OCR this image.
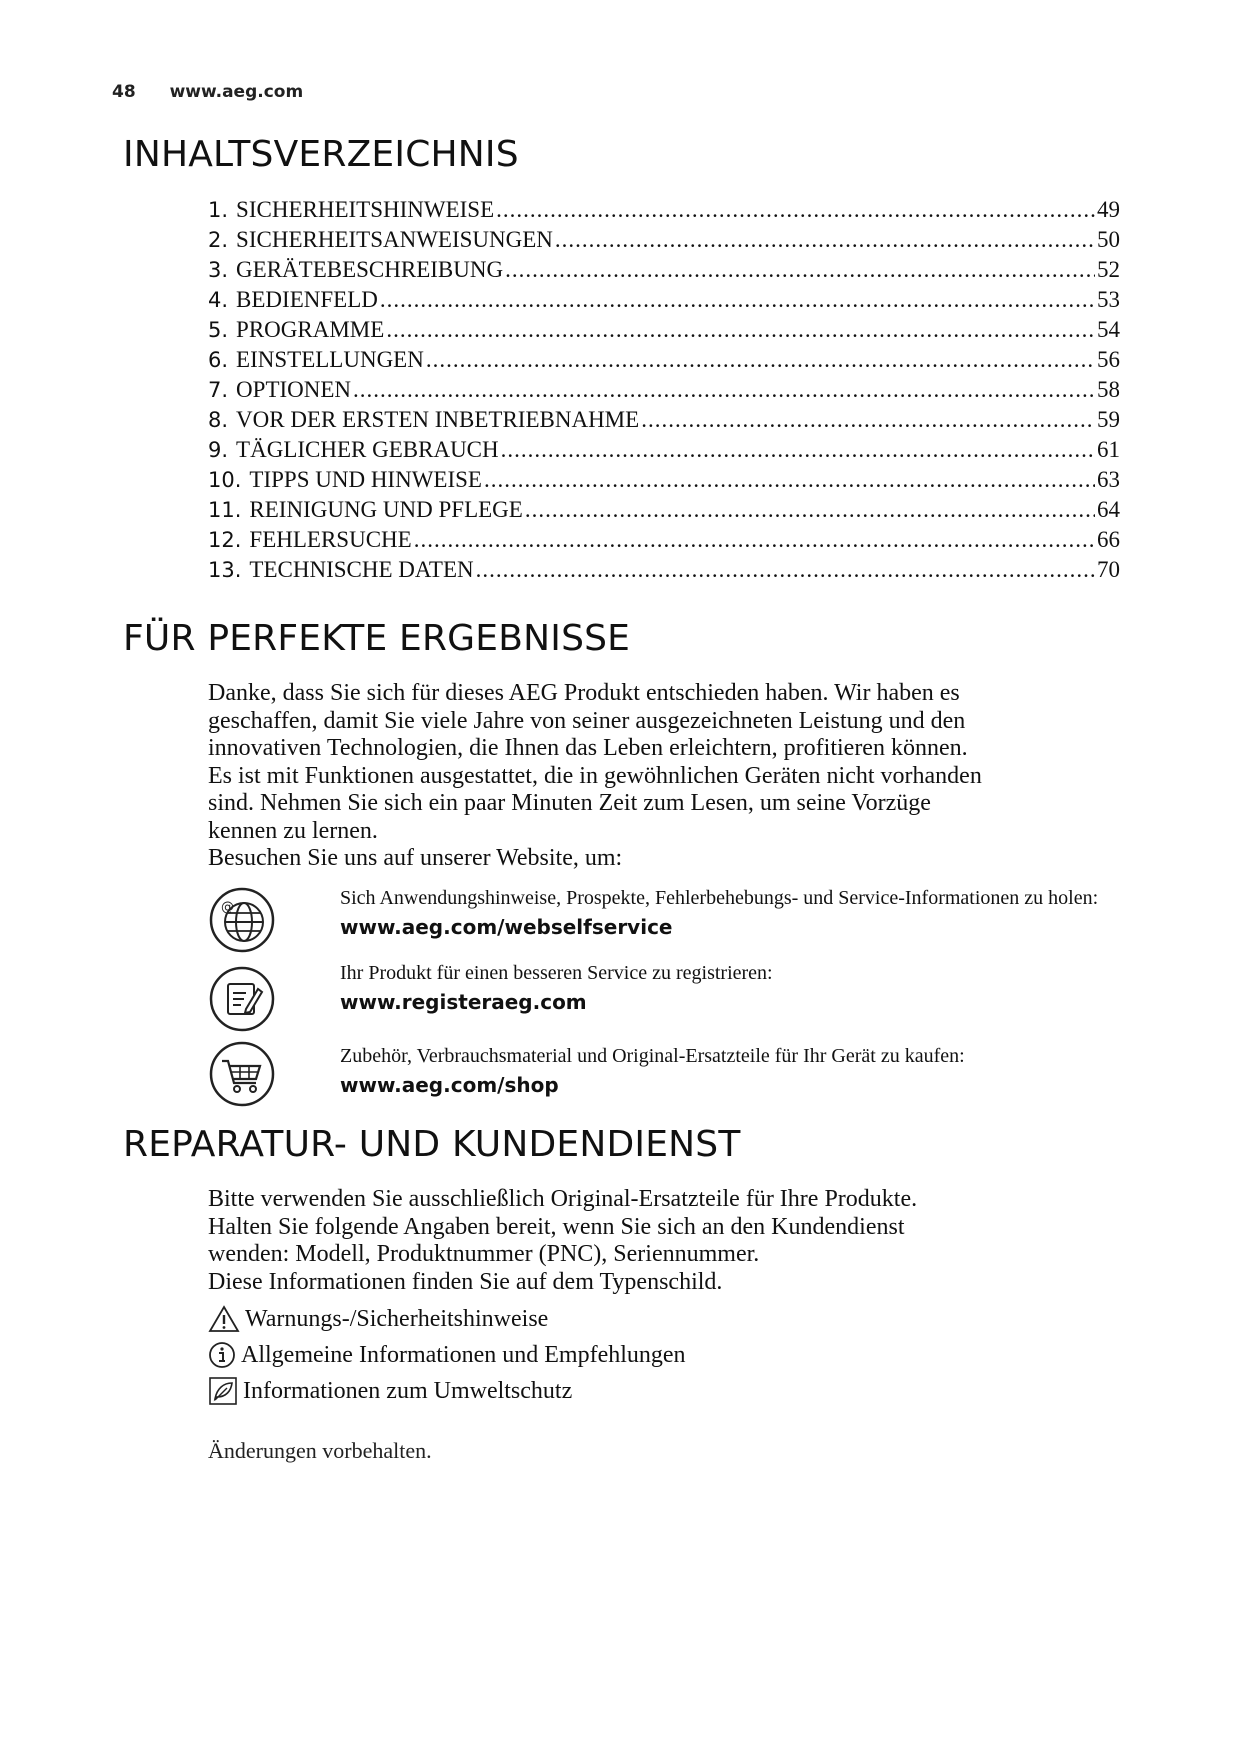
48 www.aeg.com
INHALTSVERZEICHNIS
1. SICHERHEITSHINWEISE .....	49
2. SICHERHEITSANWEISUNGEN .....	50
3. GERÄTEBESCHREIBUNG .....	52
4. BEDIENFELD .....	53
5. PROGRAMME .....	54
6. EINSTELLUNGEN .....	56
7. OPTIONEN .....	58
8. VOR DER ERSTEN INBETRIEBNAHME .....	59
9. TÄGLICHER GEBRAUCH .....	61
10. TIPPS UND HINWEISE .....	63
11. REINIGUNG UND PFLEGE .....	64
12. FEHLERSUCHE .....	66
13. TECHNISCHE DATEN .....	70
FÜR PERFEKTE ERGEBNISSE
Danke, dass Sie sich für dieses AEG Produkt entschieden haben. Wir haben es
geschaffen, damit Sie viele Jahre von seiner ausgezeichneten Leistung und den
innovativen Technologien, die Ihnen das Leben erleichtern, profitieren können.
Es ist mit Funktionen ausgestattet, die in gewöhnlichen Geräten nicht vorhanden
sind. Nehmen Sie sich ein paar Minuten Zeit zum Lesen, um seine Vorzüge
kennen zu lernen.
Besuchen Sie uns auf unserer Website, um:
@	Sich Anwendungshinweise, Prospekte, Fehlerbehebungs- und Service-Informationen zu holen:
www.aeg.com/webselfservice
Ihr Produkt für einen besseren Service zu registrieren:
www.registeraeg.com
Zubehör, Verbrauchsmaterial und Original-Ersatzteile für Ihr Gerät zu kaufen:
www.aeg.com/shop
REPARATUR- UND KUNDENDIENST
Bitte verwenden Sie ausschließlich Original-Ersatzteile für Ihre Produkte.
Halten Sie folgende Angaben bereit, wenn Sie sich an den Kundendienst
wenden: Modell, Produktnummer (PNC), Seriennummer.
Diese Informationen finden Sie auf dem Typenschild.
Warnungs-/Sicherheitshinweise
Allgemeine Informationen und Empfehlungen
Informationen zum Umweltschutz
Änderungen vorbehalten.
